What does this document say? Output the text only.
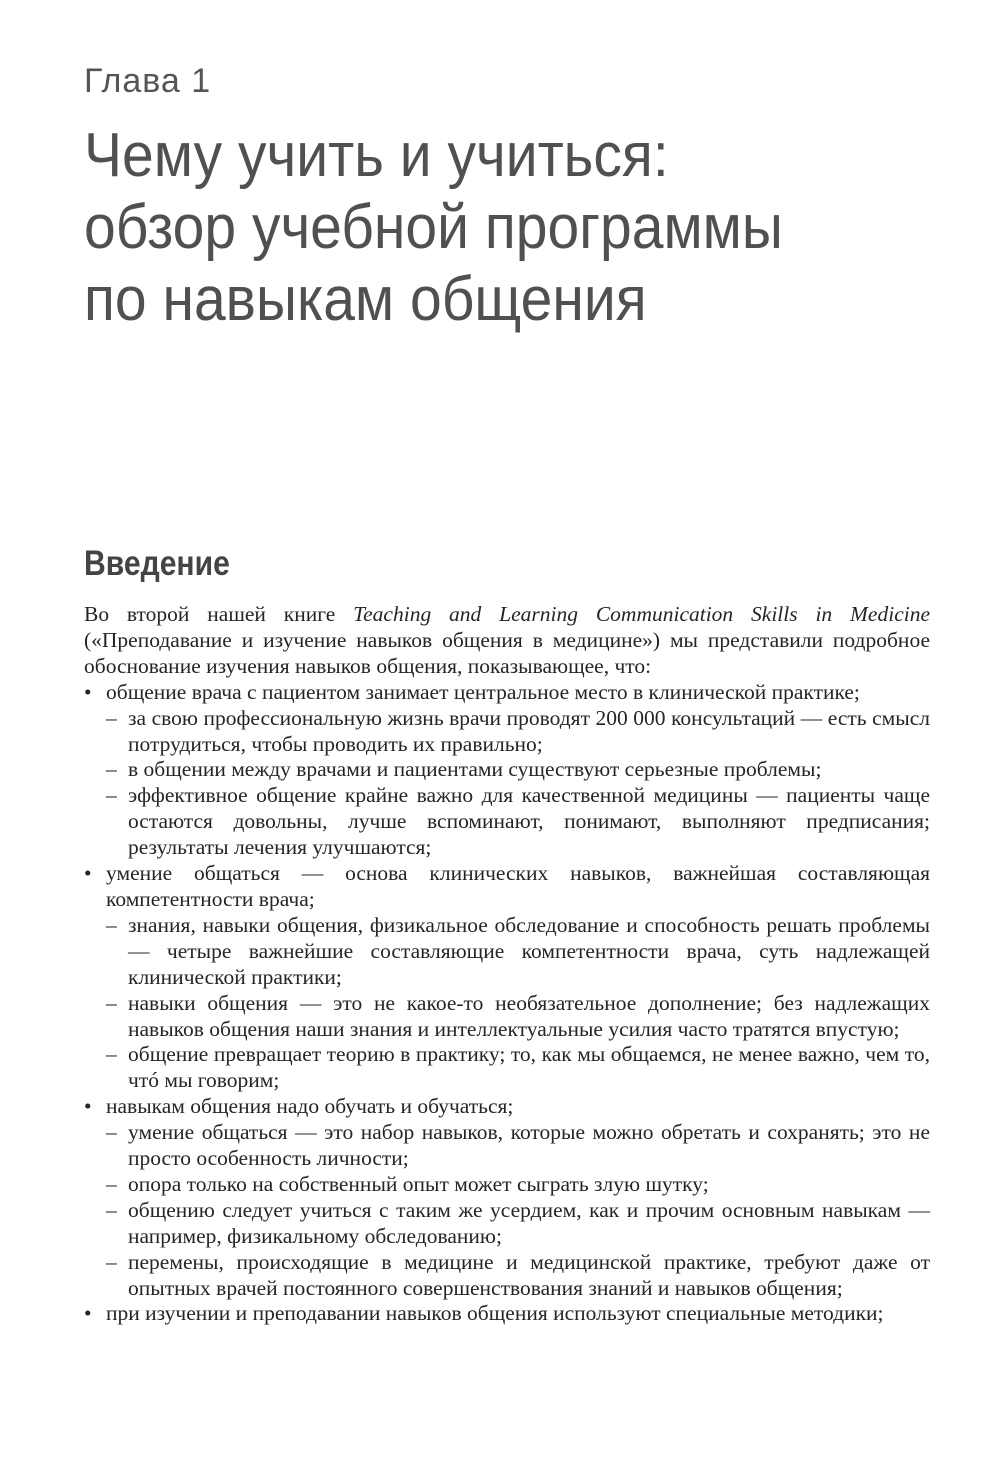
Глава 1
Чему учить и учиться:
обзор учебной программы
по навыкам общения
Введение

Во второй нашей книге Teaching and Learning Communication Skills in Medicine («Преподавание и изучение навыков общения в медицине») мы представили подробное обоснование изучения навыков общения, показывающее, что:

• общение врача с пациентом занимает центральное место в клинической практике;
– за свою профессиональную жизнь врачи проводят 200 000 консультаций — есть смысл потрудиться, чтобы проводить их правильно;
– в общении между врачами и пациентами существуют серьезные проблемы;
– эффективное общение крайне важно для качественной медицины — пациенты чаще остаются довольны, лучше вспоминают, понимают, выполняют предписания; результаты лечения улучшаются;
• умение общаться — основа клинических навыков, важнейшая составляющая компетентности врача;
– знания, навыки общения, физикальное обследование и способность решать проблемы — четыре важнейшие составляющие компетентности врача, суть надлежащей клинической практики;
– навыки общения — это не какое-то необязательное дополнение; без надлежащих навыков общения наши знания и интеллектуальные усилия часто тратятся впустую;
– общение превращает теорию в практику; то, как мы общаемся, не менее важно, чем то, чтó мы говорим;
• навыкам общения надо обучать и обучаться;
– умение общаться — это набор навыков, которые можно обретать и сохранять; это не просто особенность личности;
– опора только на собственный опыт может сыграть злую шутку;
– общению следует учиться с таким же усердием, как и прочим основным навыкам — например, физикальному обследованию;
– перемены, происходящие в медицине и медицинской практике, требуют даже от опытных врачей постоянного совершенствования знаний и навыков общения;
• при изучении и преподавании навыков общения используют специальные методики;
